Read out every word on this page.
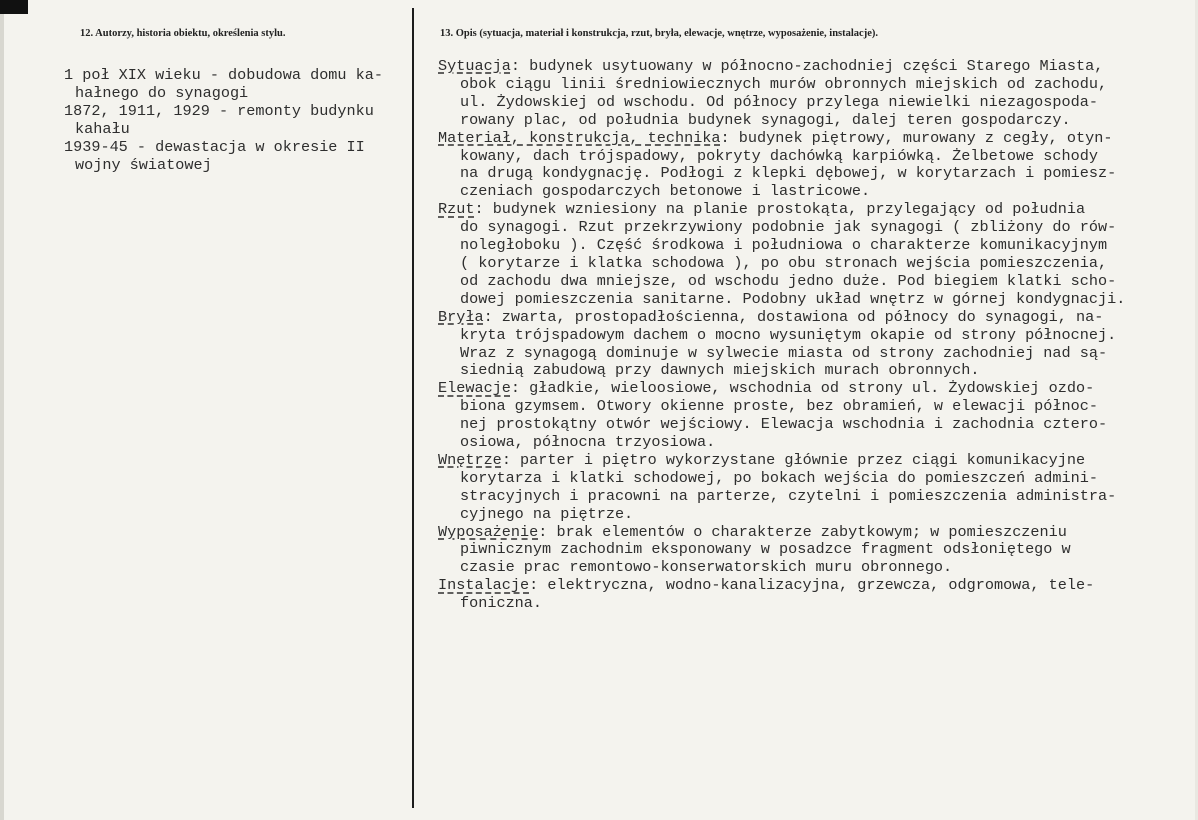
12. Autorzy, historia obiektu, określenia stylu.	13. Opis (sytuacja, materiał i konstrukcja, rzut, bryła, elewacje, wnętrze, wyposażenie, instalacje).
1 poł XIX wieku - dobudowa domu ka-
hałnego do synagogi
1872, 1911, 1929 - remonty budynku
kahału
1939-45 - dewastacja w okresie II
wojny światowej
Sytuacja: budynek usytuowany w północno-zachodniej części Starego Miasta,
obok ciągu linii średniowiecznych murów obronnych miejskich od zachodu,
ul. Żydowskiej od wschodu. Od północy przylega niewielki niezagospoda-
rowany plac, od południa budynek synagogi, dalej teren gospodarczy.
Materiał, konstrukcja, technika: budynek piętrowy, murowany z cegły, otyn-
kowany, dach trójspadowy, pokryty dachówką karpiówką. Żelbetowe schody
na drugą kondygnację. Podłogi z klepki dębowej, w korytarzach i pomiesz-
czeniach gospodarczych betonowe i lastricowe.
Rzut: budynek wzniesiony na planie prostokąta, przylegający od południa
do synagogi. Rzut przekrzywiony podobnie jak synagogi ( zbliżony do rów-
noległoboku ). Część środkowa i południowa o charakterze komunikacyjnym
( korytarze i klatka schodowa ), po obu stronach wejścia pomieszczenia,
od zachodu dwa mniejsze, od wschodu jedno duże. Pod biegiem klatki scho-
dowej pomieszczenia sanitarne. Podobny układ wnętrz w górnej kondygnacji.
Bryła: zwarta, prostopadłościenna, dostawiona od północy do synagogi, na-
kryta trójspadowym dachem o mocno wysuniętym okapie od strony północnej.
Wraz z synagogą dominuje w sylwecie miasta od strony zachodniej nad są-
siednią zabudową przy dawnych miejskich murach obronnych.
Elewacje: gładkie, wieloosiowe, wschodnia od strony ul. Żydowskiej ozdo-
biona gzymsem. Otwory okienne proste, bez obramień, w elewacji północ-
nej prostokątny otwór wejściowy. Elewacja wschodnia i zachodnia cztero-
osiowa, północna trzyosiowa.
Wnętrze: parter i piętro wykorzystane głównie przez ciągi komunikacyjne
korytarza i klatki schodowej, po bokach wejścia do pomieszczeń admini-
stracyjnych i pracowni na parterze, czytelni i pomieszczenia administra-
cyjnego na piętrze.
Wyposażenie: brak elementów o charakterze zabytkowym; w pomieszczeniu
piwnicznym zachodnim eksponowany w posadzce fragment odsłoniętego w
czasie prac remontowo-konserwatorskich muru obronnego.
Instalacje: elektryczna, wodno-kanalizacyjna, grzewcza, odgromowa, tele-
foniczna.
